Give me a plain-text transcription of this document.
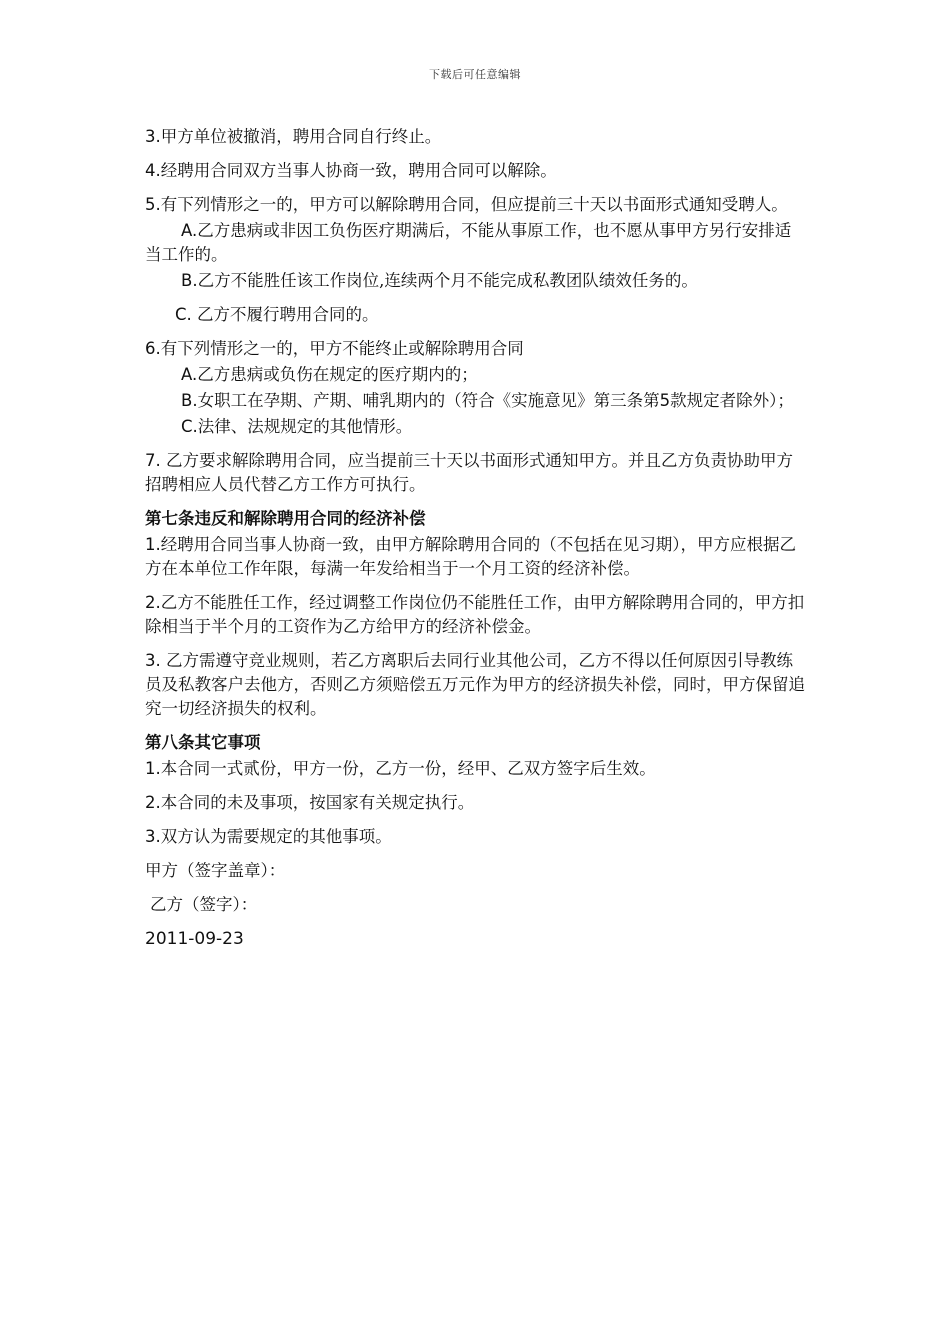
下载后可任意编辑

3.甲方单位被撤消，聘用合同自行终止。

4.经聘用合同双方当事人协商一致，聘用合同可以解除。

5.有下列情形之一的，甲方可以解除聘用合同，但应提前三十天以书面形式通知受聘人。

A.乙方患病或非因工负伤医疗期满后，不能从事原工作，也不愿从事甲方另行安排适当工作的。

B.乙方不能胜任该工作岗位,连续两个月不能完成私教团队绩效任务的。

C. 乙方不履行聘用合同的。

6.有下列情形之一的，甲方不能终止或解除聘用合同

A.乙方患病或负伤在规定的医疗期内的；

B.女职工在孕期、产期、哺乳期内的（符合《实施意见》第三条第5款规定者除外）；

C.法律、法规规定的其他情形。

7. 乙方要求解除聘用合同，应当提前三十天以书面形式通知甲方。并且乙方负责协助甲方招聘相应人员代替乙方工作方可执行。

第七条违反和解除聘用合同的经济补偿

1.经聘用合同当事人协商一致，由甲方解除聘用合同的（不包括在见习期），甲方应根据乙方在本单位工作年限，每满一年发给相当于一个月工资的经济补偿。

2.乙方不能胜任工作，经过调整工作岗位仍不能胜任工作，由甲方解除聘用合同的，甲方扣除相当于半个月的工资作为乙方给甲方的经济补偿金。

3. 乙方需遵守竞业规则，若乙方离职后去同行业其他公司，乙方不得以任何原因引导教练员及私教客户去他方，否则乙方须赔偿五万元作为甲方的经济损失补偿，同时，甲方保留追究一切经济损失的权利。

第八条其它事项

1.本合同一式贰份，甲方一份，乙方一份，经甲、乙双方签字后生效。

2.本合同的未及事项，按国家有关规定执行。

3.双方认为需要规定的其他事项。

甲方（签字盖章）：

乙方（签字）：

2011-09-23
